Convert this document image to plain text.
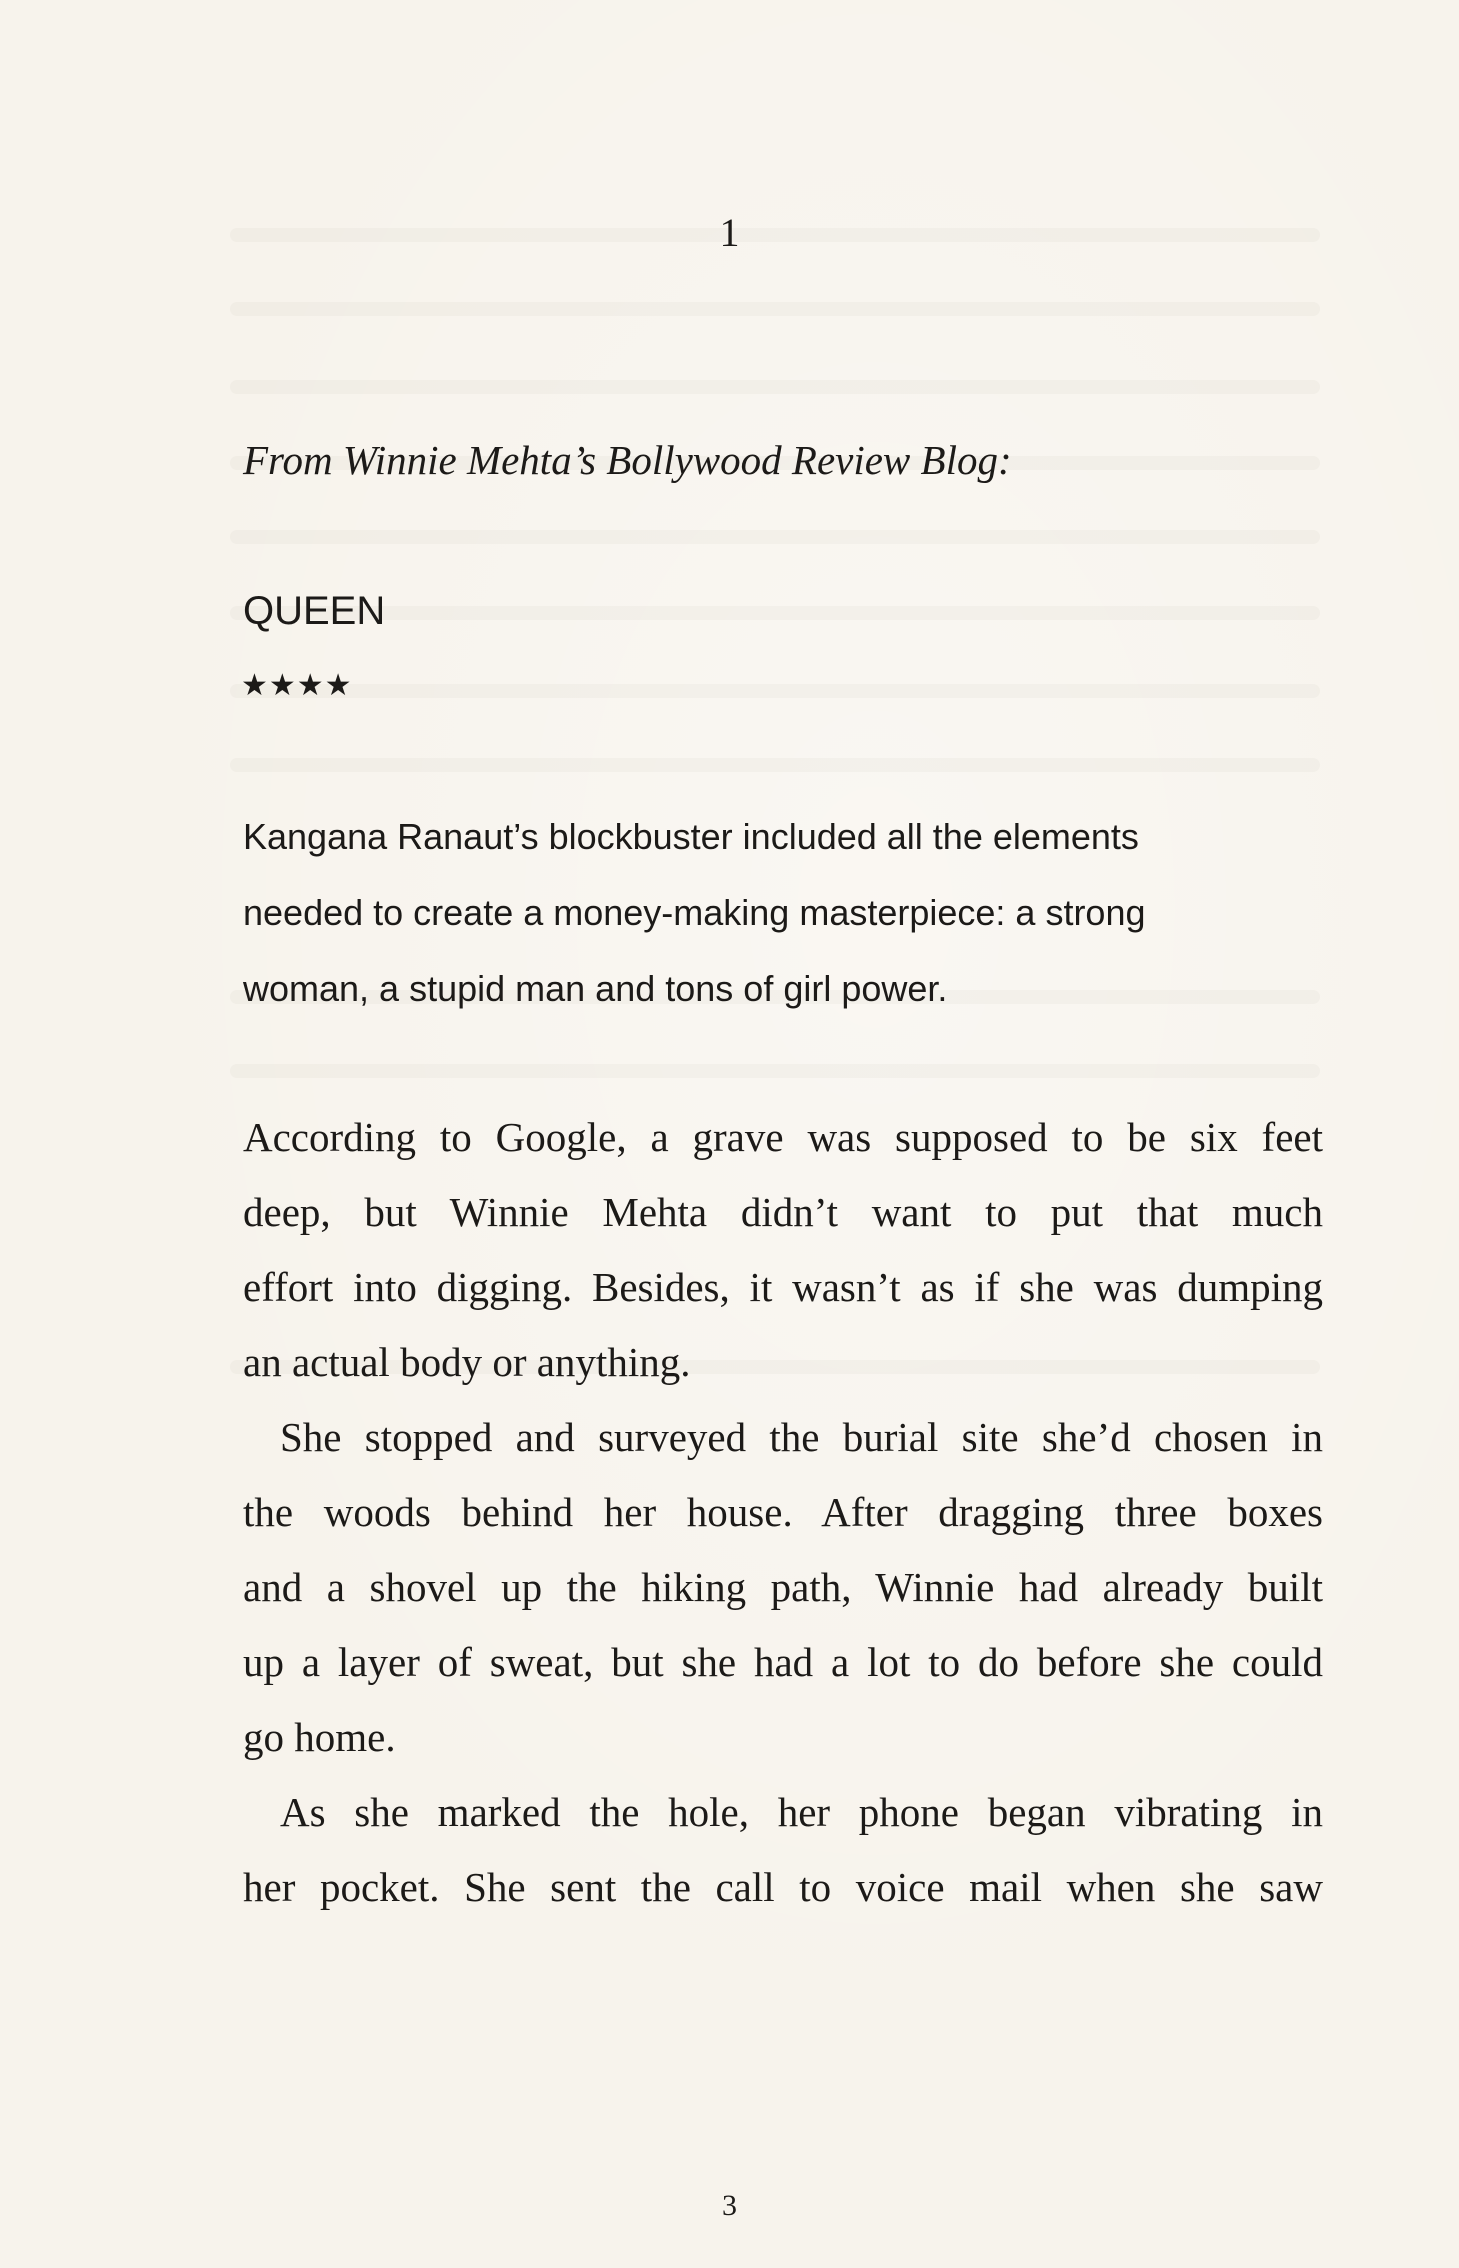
1
From Winnie Mehta’s Bollywood Review Blog:
QUEEN
★★★★
Kangana Ranaut’s blockbuster included all the elements
needed to create a money-making masterpiece: a strong
woman, a stupid man and tons of girl power.
According to Google, a grave was supposed to be six feet
deep, but Winnie Mehta didn’t want to put that much
effort into digging. Besides, it wasn’t as if she was dumping
an actual body or anything.
She stopped and surveyed the burial site she’d chosen in
the woods behind her house. After dragging three boxes
and a shovel up the hiking path, Winnie had already built
up a layer of sweat, but she had a lot to do before she could
go home.
As she marked the hole, her phone began vibrating in
her pocket. She sent the call to voice mail when she saw
3
